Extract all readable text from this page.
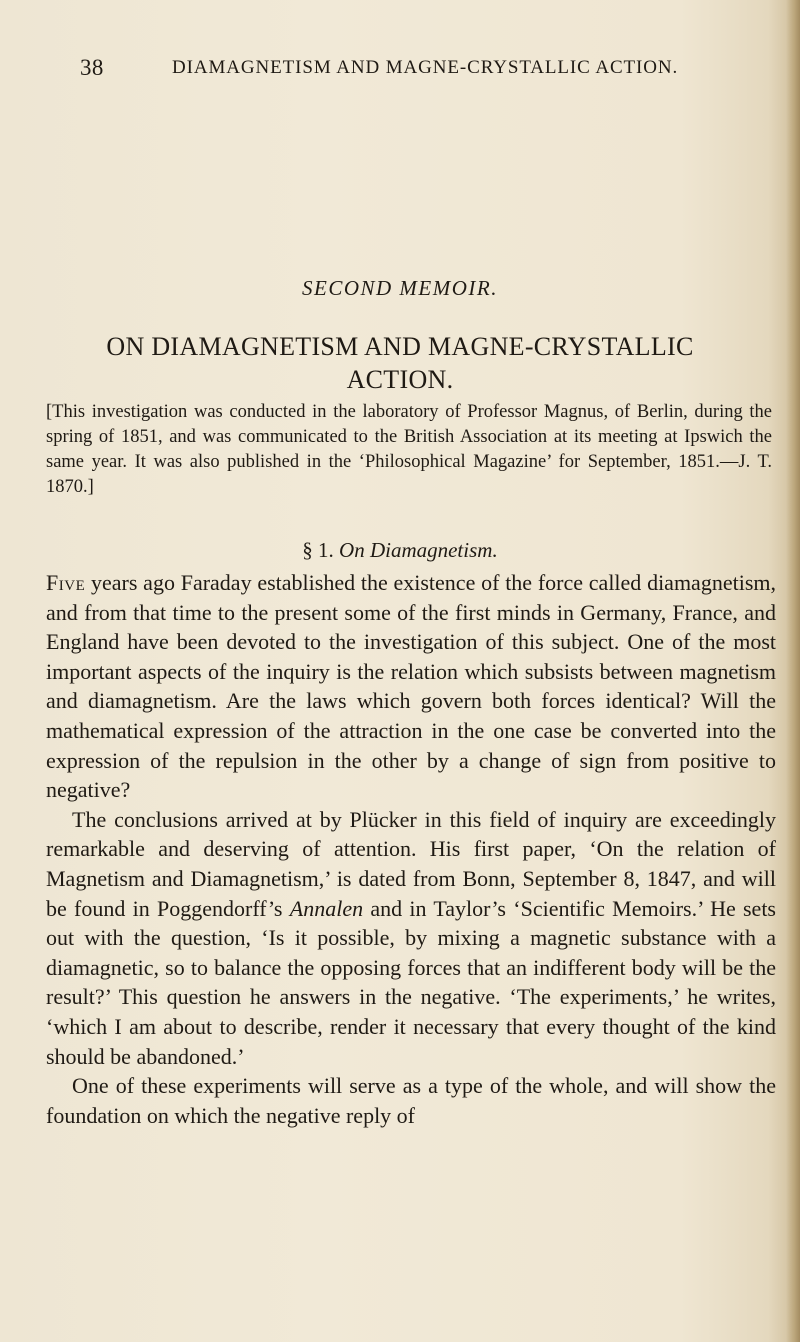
38	DIAMAGNETISM AND MAGNE-CRYSTALLIC ACTION.
SECOND MEMOIR.
ON DIAMAGNETISM AND MAGNE-CRYSTALLIC
ACTION.
[This investigation was conducted in the laboratory of Professor Magnus, of Berlin, during the spring of 1851, and was communicated to the British Association at its meeting at Ipswich the same year. It was also published in the ‘Philosophical Magazine’ for September, 1851.—J. T. 1870.]
§ 1. On Diamagnetism.

Five years ago Faraday established the existence of the force called diamagnetism, and from that time to the present some of the first minds in Germany, France, and England have been devoted to the investigation of this subject. One of the most important aspects of the inquiry is the relation which subsists between magnetism and diamagnetism. Are the laws which govern both forces identical? Will the mathematical expression of the attraction in the one case be converted into the expression of the repulsion in the other by a change of sign from positive to negative?

The conclusions arrived at by Plücker in this field of inquiry are exceedingly remarkable and deserving of attention. His first paper, ‘On the relation of Magnetism and Diamagnetism,’ is dated from Bonn, September 8, 1847, and will be found in Poggendorff’s Annalen and in Taylor’s ‘Scientific Memoirs.’ He sets out with the question, ‘Is it possible, by mixing a magnetic substance with a diamagnetic, so to balance the opposing forces that an indifferent body will be the result?’ This question he answers in the negative. ‘The experiments,’ he writes, ‘which I am about to describe, render it necessary that every thought of the kind should be abandoned.’

One of these experiments will serve as a type of the whole, and will show the foundation on which the negative reply of
